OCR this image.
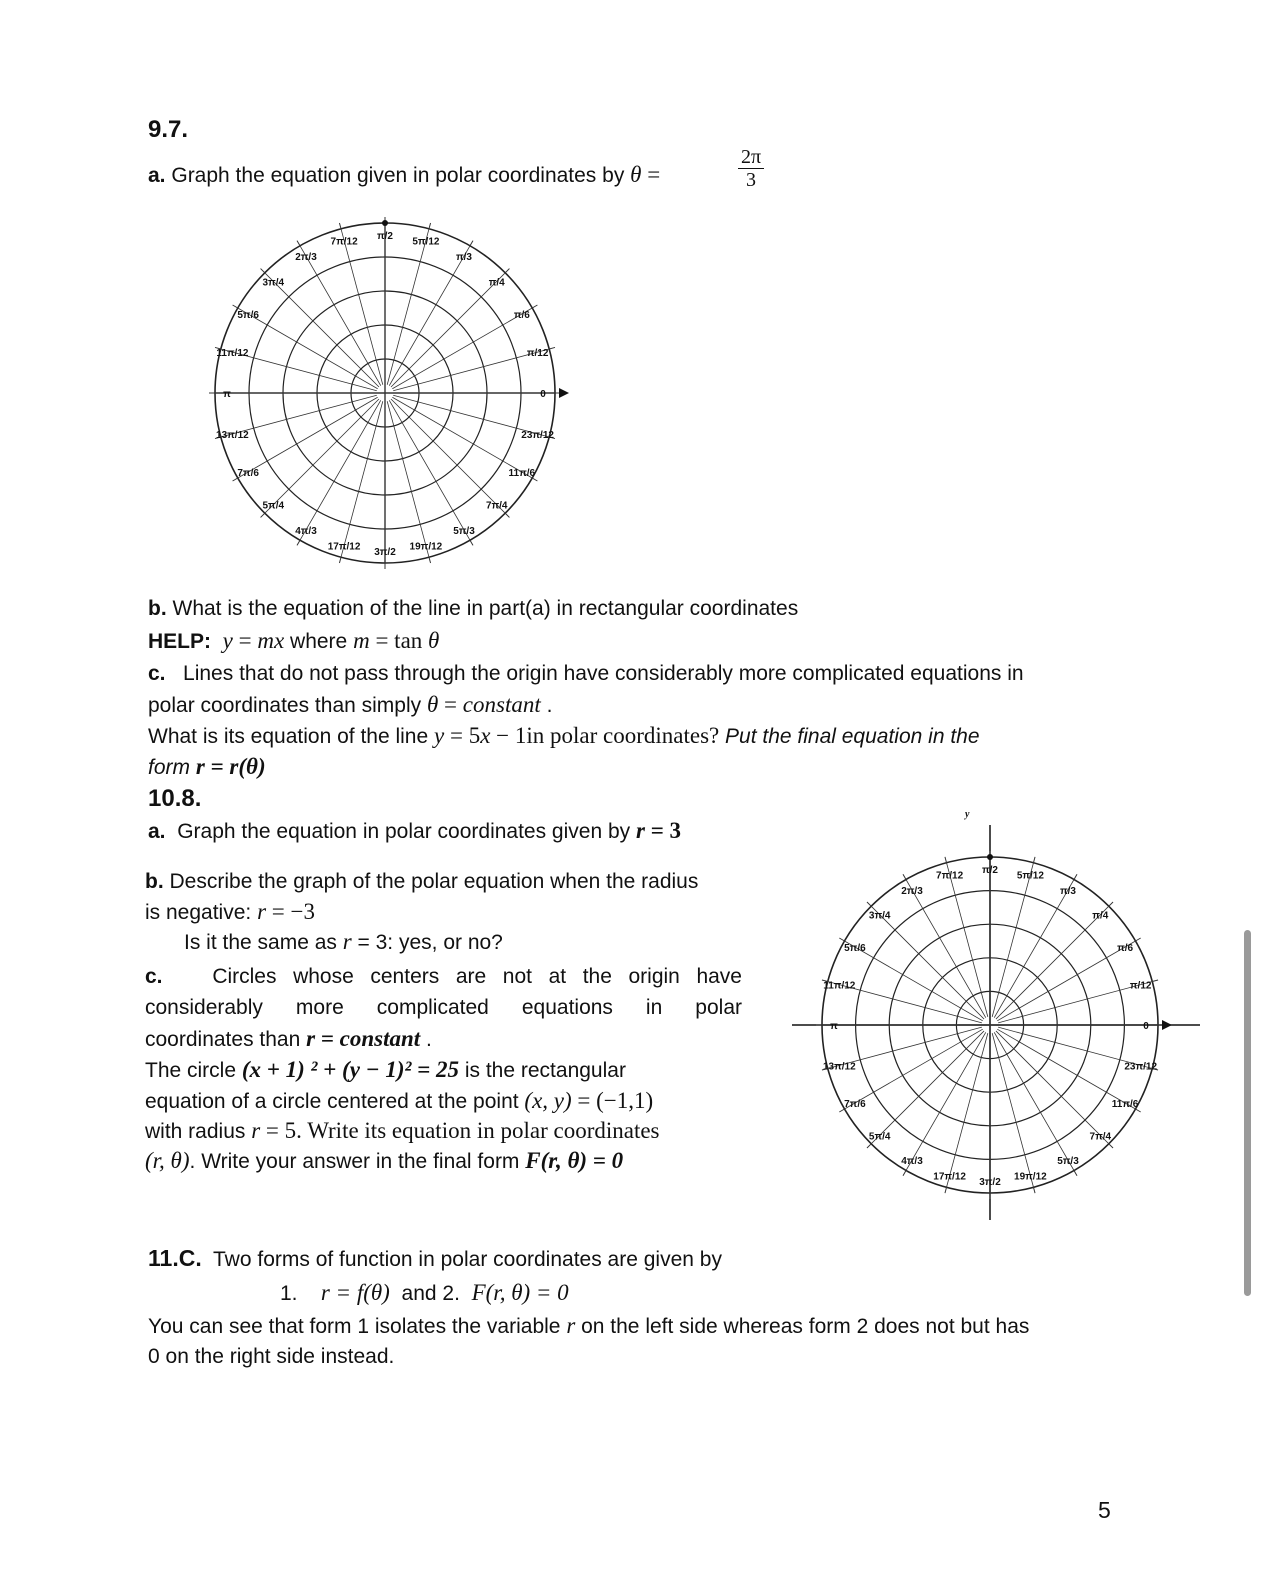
9.7.
a. Graph the equation given in polar coordinates by θ =	$\frac{2\pi}{3}$
0
π/12
π/6
π/4
π/3
5π/12
π/2
7π/12
2π/3
3π/4
5π/6
11π/12
π
13π/12
7π/6
5π/4
4π/3
17π/12 3π/2 19π/12
5π/3
7π/4
11π/6
23π/12
b. What is the equation of the line in part(a) in rectangular coordinates
HELP: y = mx where m = tan θ
c. Lines that do not pass through the origin have considerably more complicated equations in
polar coordinates than simply θ = constant .
What is its equation of the line y = 5x − 1in polar coordinates? Put the final equation in the
form r = r(θ)
10.8.
a. Graph the equation in polar coordinates given by r = 3
b. Describe the graph of the polar equation when the radius
is negative: r = −3
Is it the same as r = 3: yes, or no?
c. Circles whose centers are not at the origin have
considerably more complicated equations in polar
coordinates than r = constant .
The circle (x + 1) ² + (y − 1)² = 25 is the rectangular
equation of a circle centered at the point (x, y) = (−1,1)
with radius r = 5. Write its equation in polar coordinates
(r, θ). Write your answer in the final form F(r, θ) = 0
y
0
π/12
π/6
π/4
π/3
5π/12
π/2
7π/12
2π/3
3π/4
5π/6
11π/12
π
13π/12
7π/6
5π/4
4π/3
17π/12 3π/2 19π/12
5π/3
7π/4
11π/6
23π/12
11.C. Two forms of function in polar coordinates are given by
1. r = f(θ) and 2. F(r, θ) = 0
You can see that form 1 isolates the variable r on the left side whereas form 2 does not but has
0 on the right side instead.
5
